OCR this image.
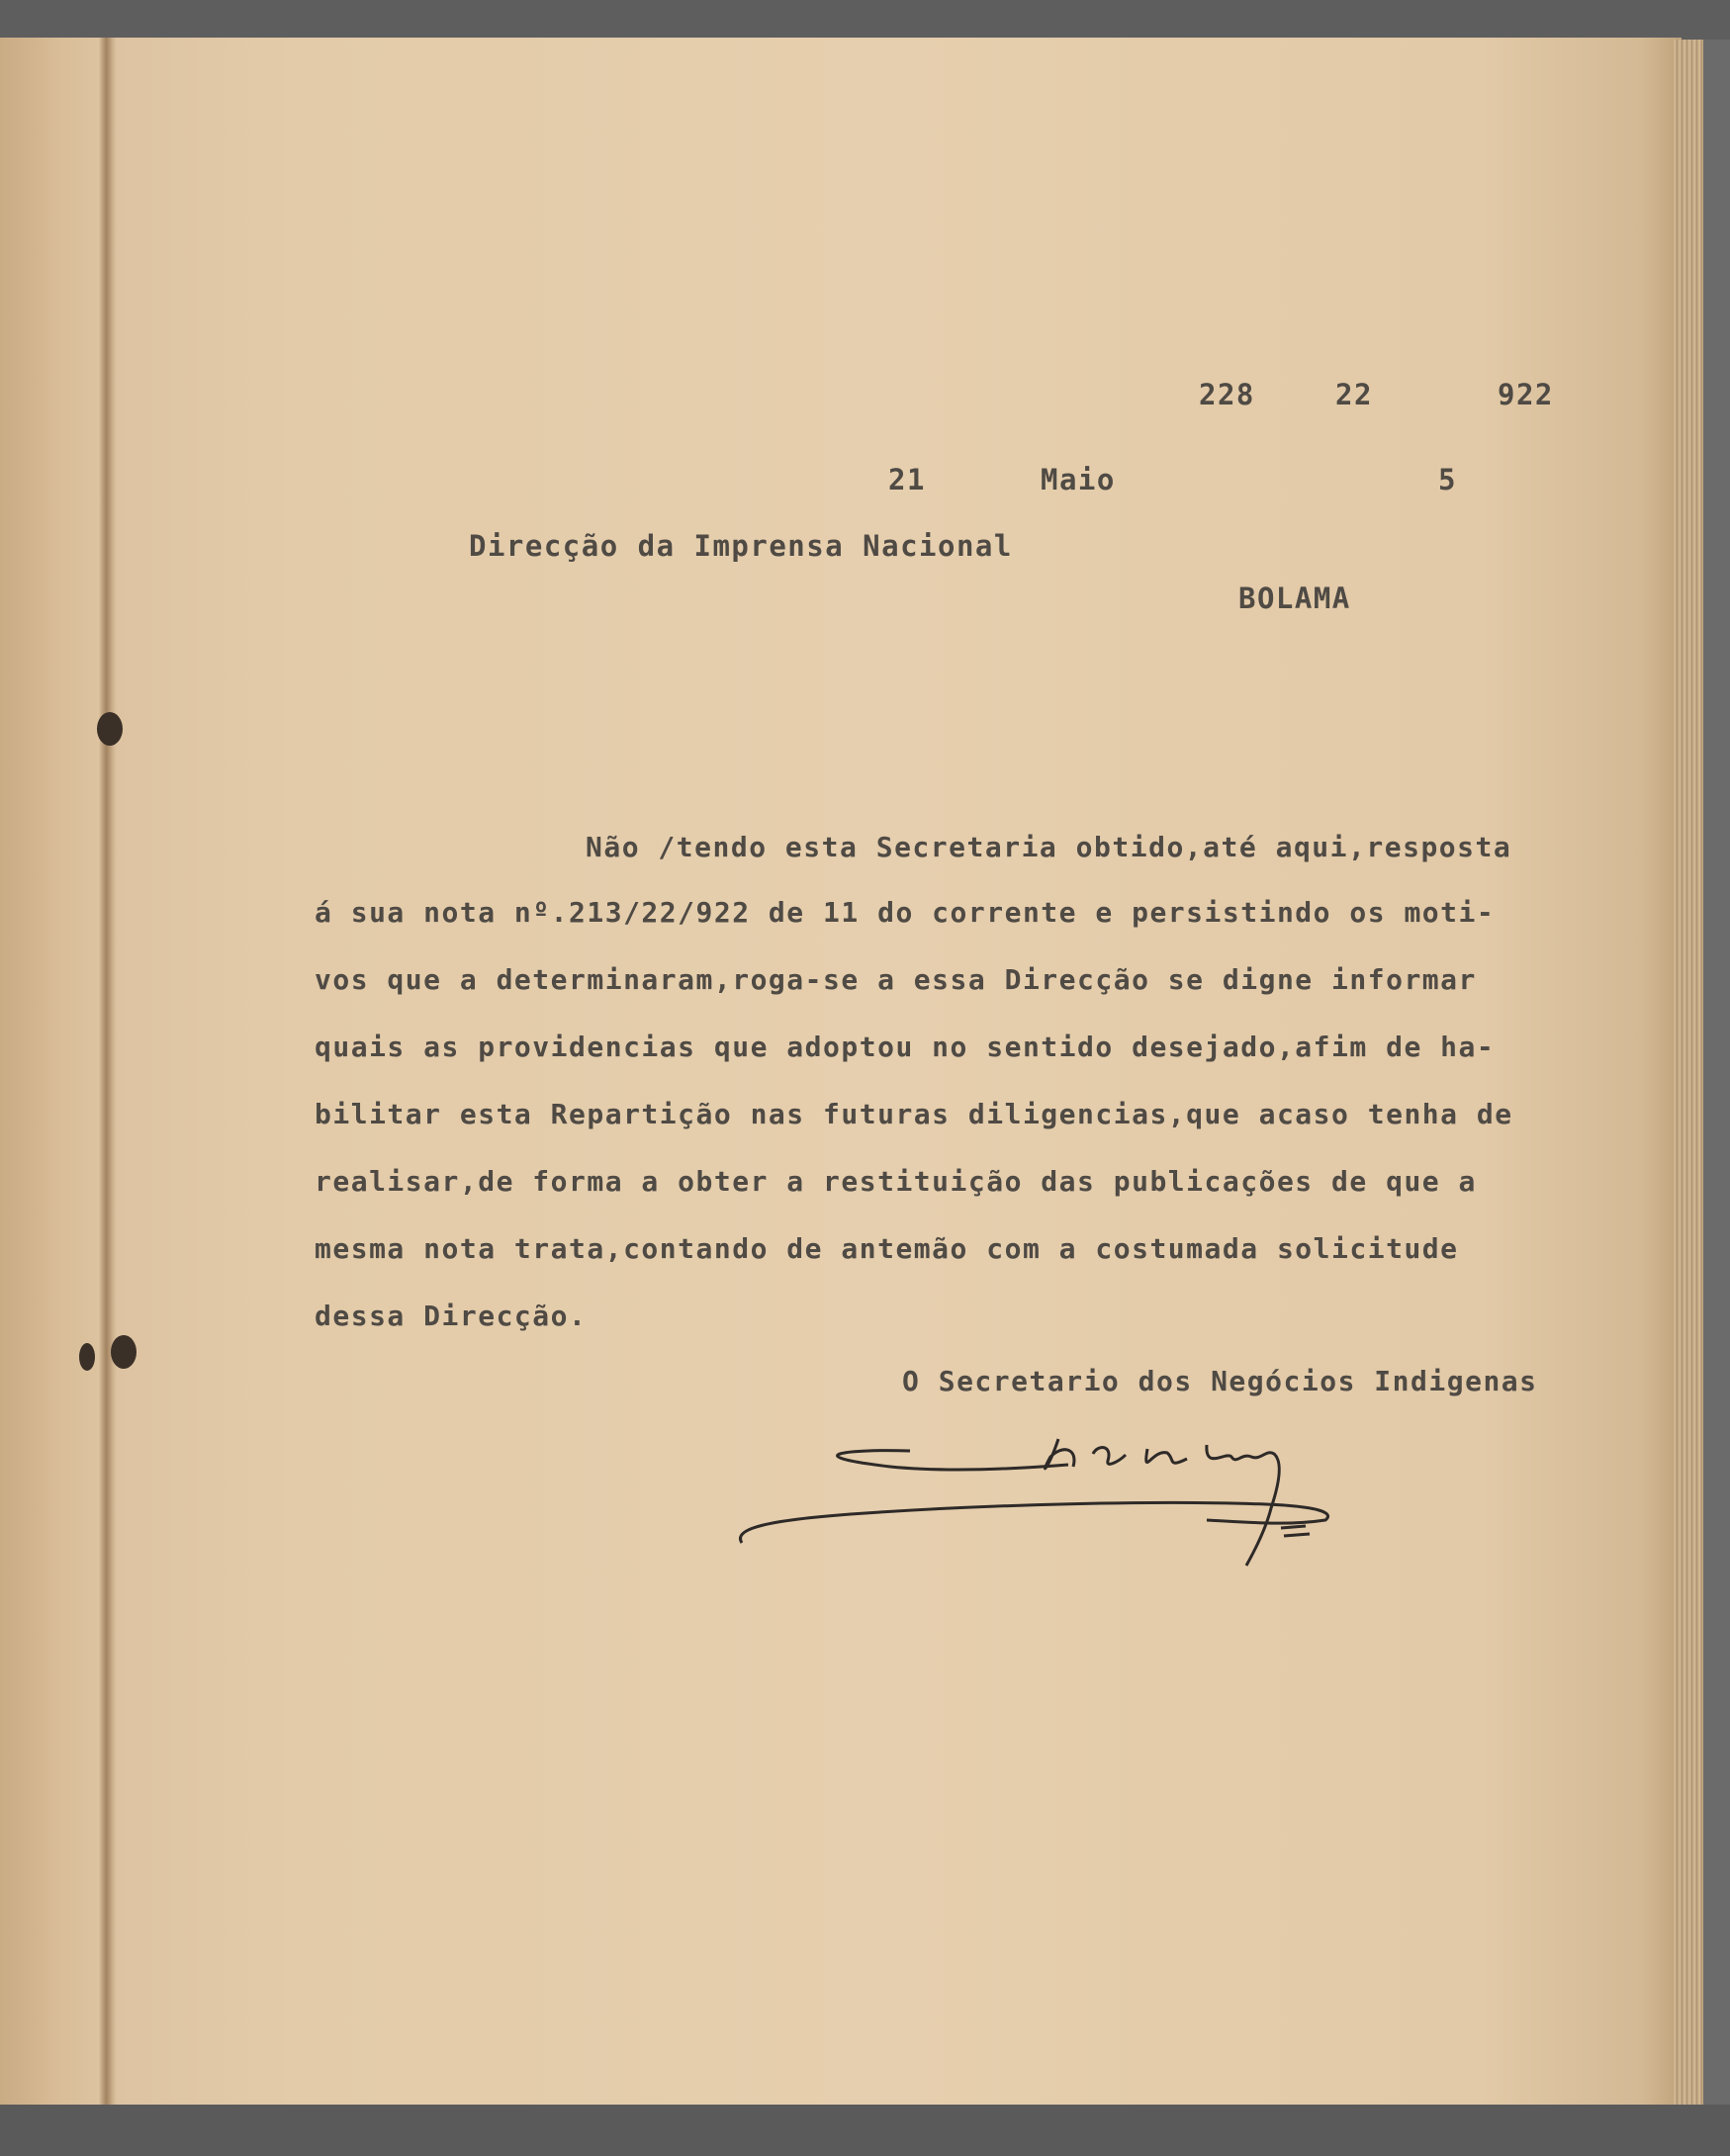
228	22	922
21	Maio	5
Direcção da Imprensa Nacional
BOLAMA
Não /tendo esta Secretaria obtido,até aqui,resposta
á sua nota nº.213/22/922 de 11 do corrente e persistindo os moti-
vos que a determinaram,roga-se a essa Direcção se digne informar
quais as providencias que adoptou no sentido desejado,afim de ha-
bilitar esta Repartição nas futuras diligencias,que acaso tenha de
realisar,de forma a obter a restituição das publicações de que a
mesma nota trata,contando de antemão com a costumada solicitude
dessa Direcção.
O Secretario dos Negócios Indigenas
